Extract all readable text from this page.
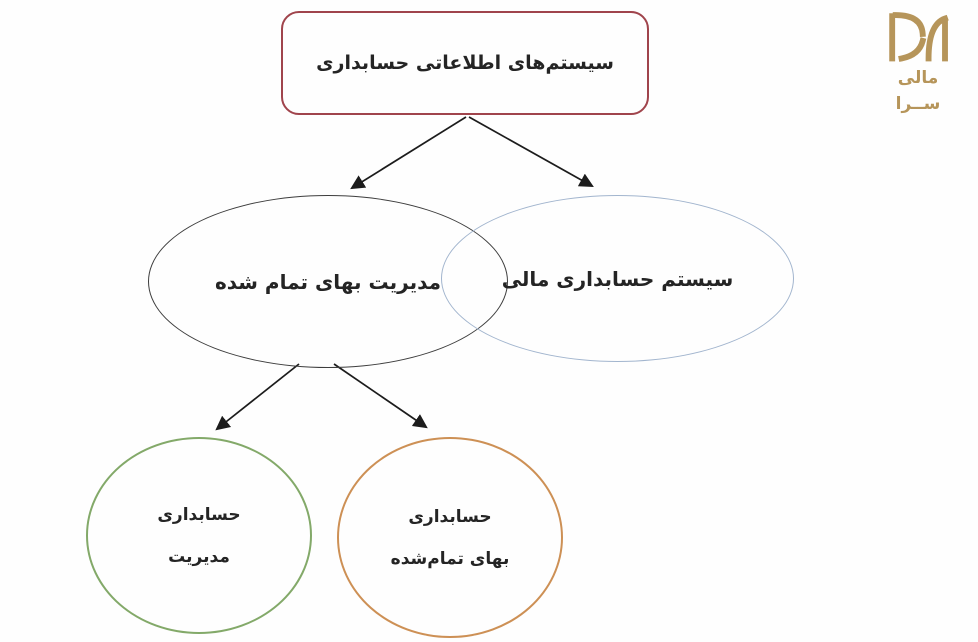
سیستم‌های اطلاعاتی حسابداری
مدیریت بهای تمام شده	سیستم حسابداری مالی
حسابداری
مدیریت
حسابداری
بهای تمام‌شده
مالی
ســرا
